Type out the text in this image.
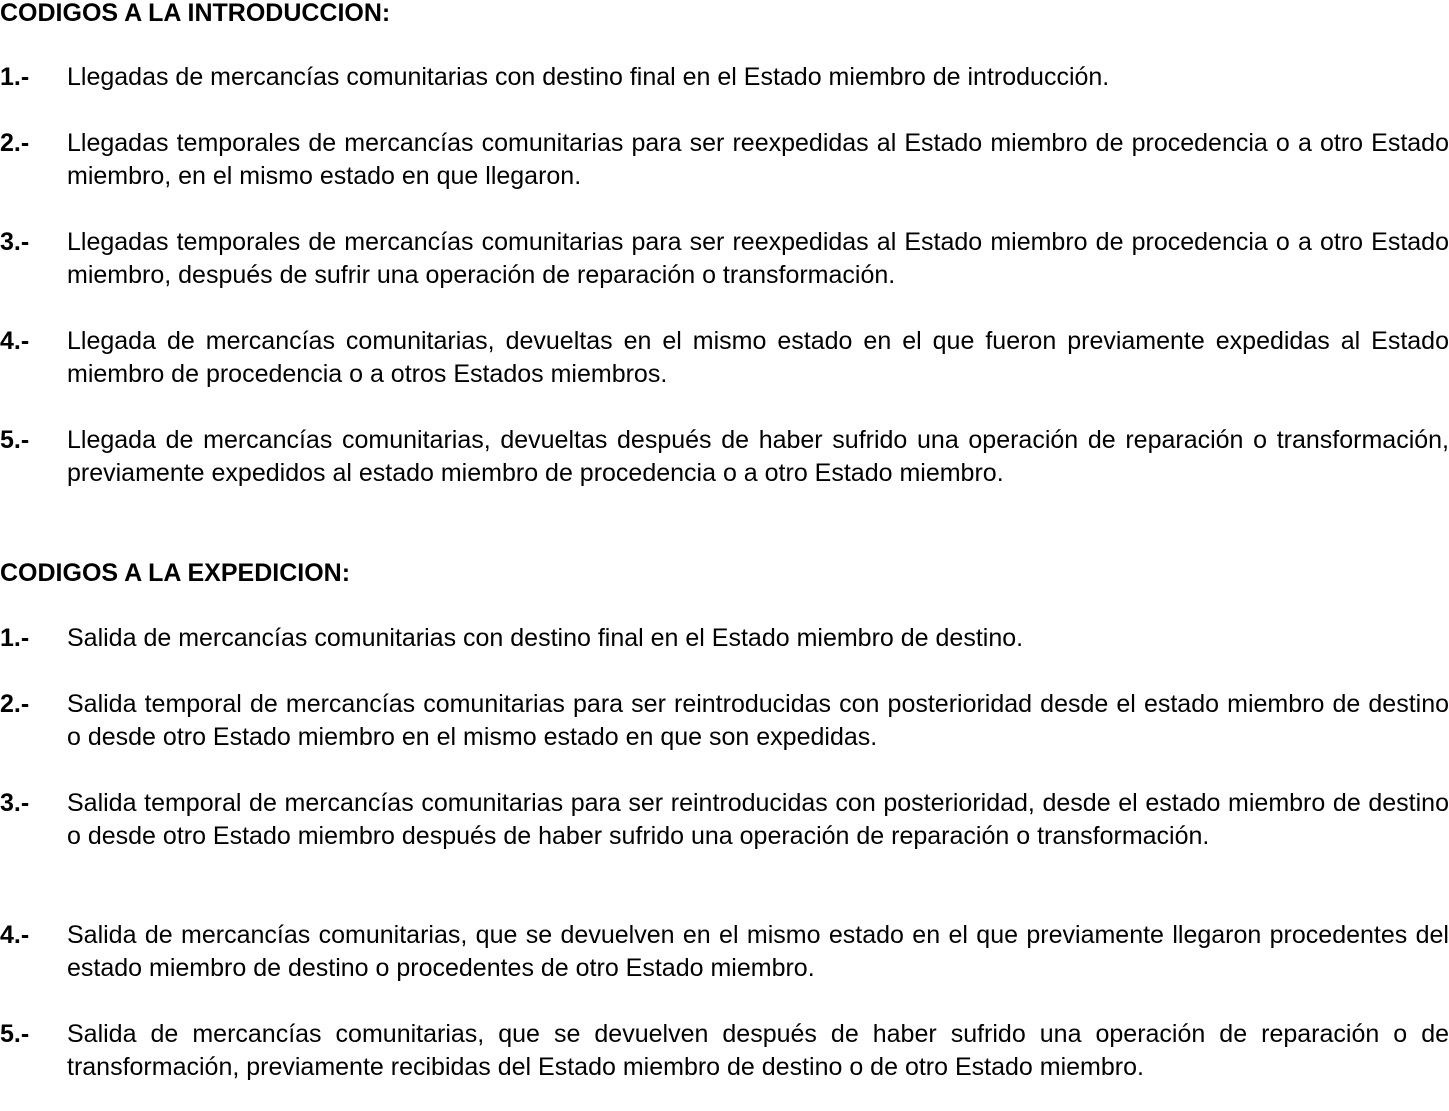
CODIGOS A LA INTRODUCCION:
1.- Llegadas de mercancías comunitarias con destino final en el Estado miembro de introducción.
2.- Llegadas temporales de mercancías comunitarias para ser reexpedidas al Estado miembro de procedencia o a otro Estado miembro, en el mismo estado en que llegaron.
3.- Llegadas temporales de mercancías comunitarias para ser reexpedidas al Estado miembro de procedencia o a otro Estado miembro, después de sufrir una operación de reparación o transformación.
4.- Llegada de mercancías comunitarias, devueltas en el mismo estado en el que fueron previamente expedidas al Estado miembro de procedencia o a otros Estados miembros.
5.- Llegada de mercancías comunitarias, devueltas después de haber sufrido una operación de reparación o transformación, previamente expedidos al estado miembro de procedencia o a otro Estado miembro.
CODIGOS A LA EXPEDICION:
1.- Salida de mercancías comunitarias con destino final en el Estado miembro de destino.
2.- Salida temporal de mercancías comunitarias para ser reintroducidas con posterioridad desde el estado miembro de destino o desde otro Estado miembro en el mismo estado en que son expedidas.
3.- Salida temporal de mercancías comunitarias para ser reintroducidas con posterioridad, desde el estado miembro de destino o desde otro Estado miembro después de haber sufrido una operación de reparación o transformación.
4.- Salida de mercancías comunitarias, que se devuelven en el mismo estado en el que previamente llegaron procedentes del estado miembro de destino o procedentes de otro Estado miembro.
5.- Salida de mercancías comunitarias, que se devuelven después de haber sufrido una operación de reparación o de transformación, previamente recibidas del Estado miembro de destino o de otro Estado miembro.
